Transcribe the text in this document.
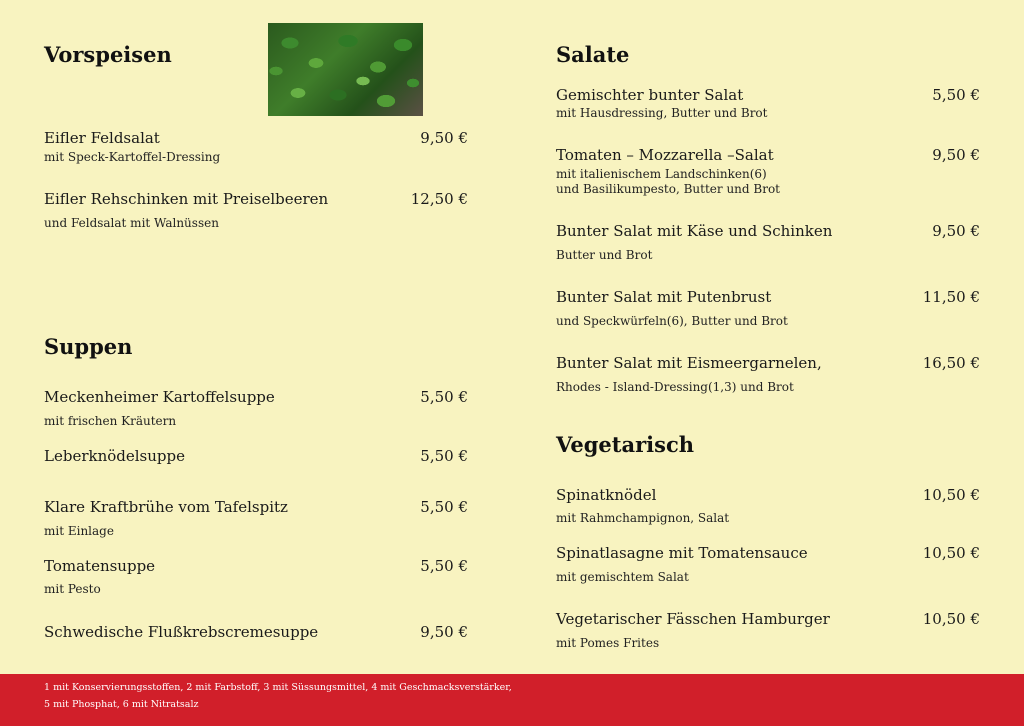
Vorspeisen
Eifler Feldsalat
mit Speck-Kartoffel-Dressing
9,50 €
Eifler Rehschinken mit Preiselbeeren
und Feldsalat mit Walnüssen
12,50 €
Suppen
Meckenheimer Kartoffelsuppe
mit frischen Kräutern
5,50 €
Leberknödelsuppe	5,50 €
Klare Kraftbrühe vom Tafelspitz
mit Einlage
5,50 €
Tomatensuppe
mit Pesto
5,50 €
Schwedische Flußkrebscremesuppe	9,50 €
Salate
Gemischter bunter Salat
mit Hausdressing, Butter und Brot
5,50 €
Tomaten – Mozzarella –Salat
mit italienischem Landschinken(6)
und Basilikumpesto, Butter und Brot
9,50 €
Bunter Salat mit Käse und Schinken
Butter und Brot
9,50 €
Bunter Salat mit Putenbrust
und Speckwürfeln(6), Butter und Brot
11,50 €
Bunter Salat mit Eismeergarnelen,
Rhodes - Island-Dressing(1,3) und Brot
16,50 €
Vegetarisch
Spinatknödel
mit Rahmchampignon, Salat
10,50 €
Spinatlasagne mit Tomatensauce
mit gemischtem Salat
10,50 €
Vegetarischer Fässchen Hamburger
mit Pomes Frites
10,50 €
1 mit Konservierungsstoffen, 2 mit Farbstoff, 3 mit Süssungsmittel, 4 mit Geschmacksverstärker,
5 mit Phosphat, 6 mit Nitratsalz
